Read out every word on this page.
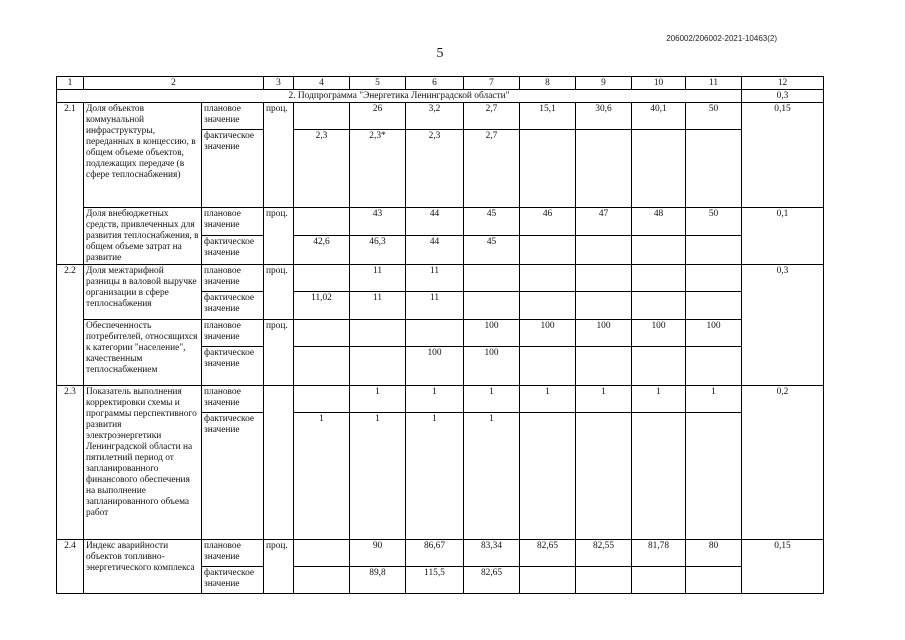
206002/206002-2021-10463(2)
5
1	2		3	4	5	6	7	8	9	10	11	12
2. Подпрограмма "Энергетика Ленинградской области"												0,3
2.1	Доля объектов коммунальной инфраструктуры, переданных в концессию, в общем объеме объектов, подлежащих передаче (в сфере теплоснабжения)	плановое значение	проц.		26	3,2	2,7	15,1	30,6	40,1	50	0,15
		фактическое значение		2,3	2,3*	2,3	2,7					
	Доля внебюджетных средств, привлеченных для развития теплоснабжения, в общем объеме затрат на развитие	плановое значение	проц.		43	44	45	46	47	48	50	0,1
		фактическое значение		42,6	46,3	44	45					
2.2	Доля межтарифной разницы в валовой выручке организации в сфере теплоснабжения	плановое значение	проц.		11	11						0,3
		фактическое значение		11,02	11	11						
	Обеспеченность потребителей, относящихся к категории "население", качественным теплоснабжением	плановое значение	проц.				100	100	100	100	100	
		фактическое значение				100	100					
2.3	Показатель выполнения корректировки схемы и программы перспективного развития электроэнергетики Ленинградской области на пятилетний период от запланированного финансового обеспечения на выполнение запланированного объема работ	плановое значение			1	1	1	1	1	1	1	0,2
		фактическое значение		1	1	1	1					
2.4	Индекс аварийности объектов топливно-энергетического комплекса	плановое значение	проц.		90	86,67	83,34	82,65	82,55	81,78	80	0,15
		фактическое значение			89,8	115,5	82,65					
